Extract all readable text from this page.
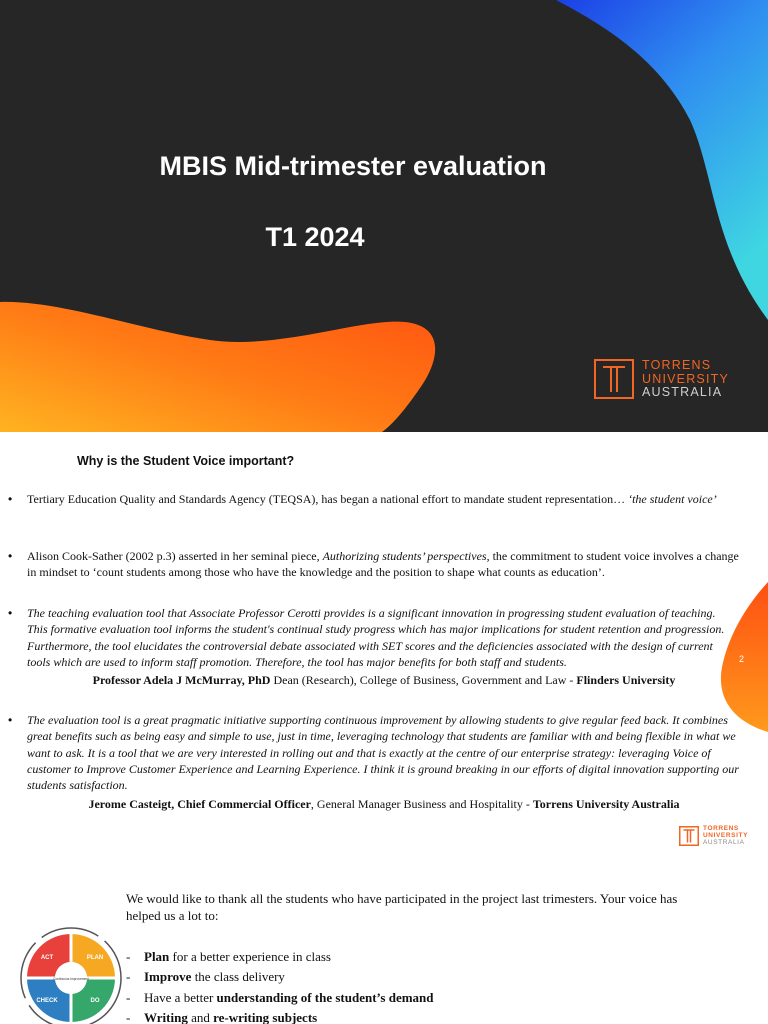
MBIS Mid-trimester evaluation
T1 2024
TORRENS
UNIVERSITY
AUSTRALIA
Why is the Student Voice important?
• Tertiary Education Quality and Standards Agency (TEQSA), has began a national effort to mandate student representation… ‘the student voice’
• Alison Cook-Sather (2002 p.3) asserted in her seminal piece, Authorizing students’ perspectives, the commitment to student voice involves a change in mindset to ‘count students among those who have the knowledge and the position to shape what counts as education’.
• The teaching evaluation tool that Associate Professor Cerotti provides is a significant innovation in progressing student evaluation of teaching. This formative evaluation tool informs the student's continual study progress which has major implications for student retention and progression. Furthermore, the tool elucidates the controversial debate associated with SET scores and the deficiencies associated with the design of current tools which are used to inform staff promotion. Therefore, the tool has major benefits for both staff and students.
Professor Adela J McMurray, PhD Dean (Research), College of Business, Government and Law - Flinders University
• The evaluation tool is a great pragmatic initiative supporting continuous improvement by allowing students to give regular feed back. It combines great benefits such as being easy and simple to use, just in time, leveraging technology that students are familiar with and being flexible in what we want to ask. It is a tool that we are very interested in rolling out and that is exactly at the centre of our enterprise strategy: leveraging Voice of customer to Improve Customer Experience and Learning Experience. I think it is ground breaking in our efforts of digital innovation supporting our students satisfaction.
Jerome Casteigt, Chief Commercial Officer, General Manager Business and Hospitality - Torrens University Australia
2
TORRENS
UNIVERSITY
AUSTRALIA
We would like to thank all the students who have participated in the project last trimesters. Your voice has helped us a lot to:
ACT	PLAN
CHECK	DO
Continuous Improvement
- Plan for a better experience in class
- Improve the class delivery
- Have a better understanding of the student’s demand
- Writing and re-writing subjects
